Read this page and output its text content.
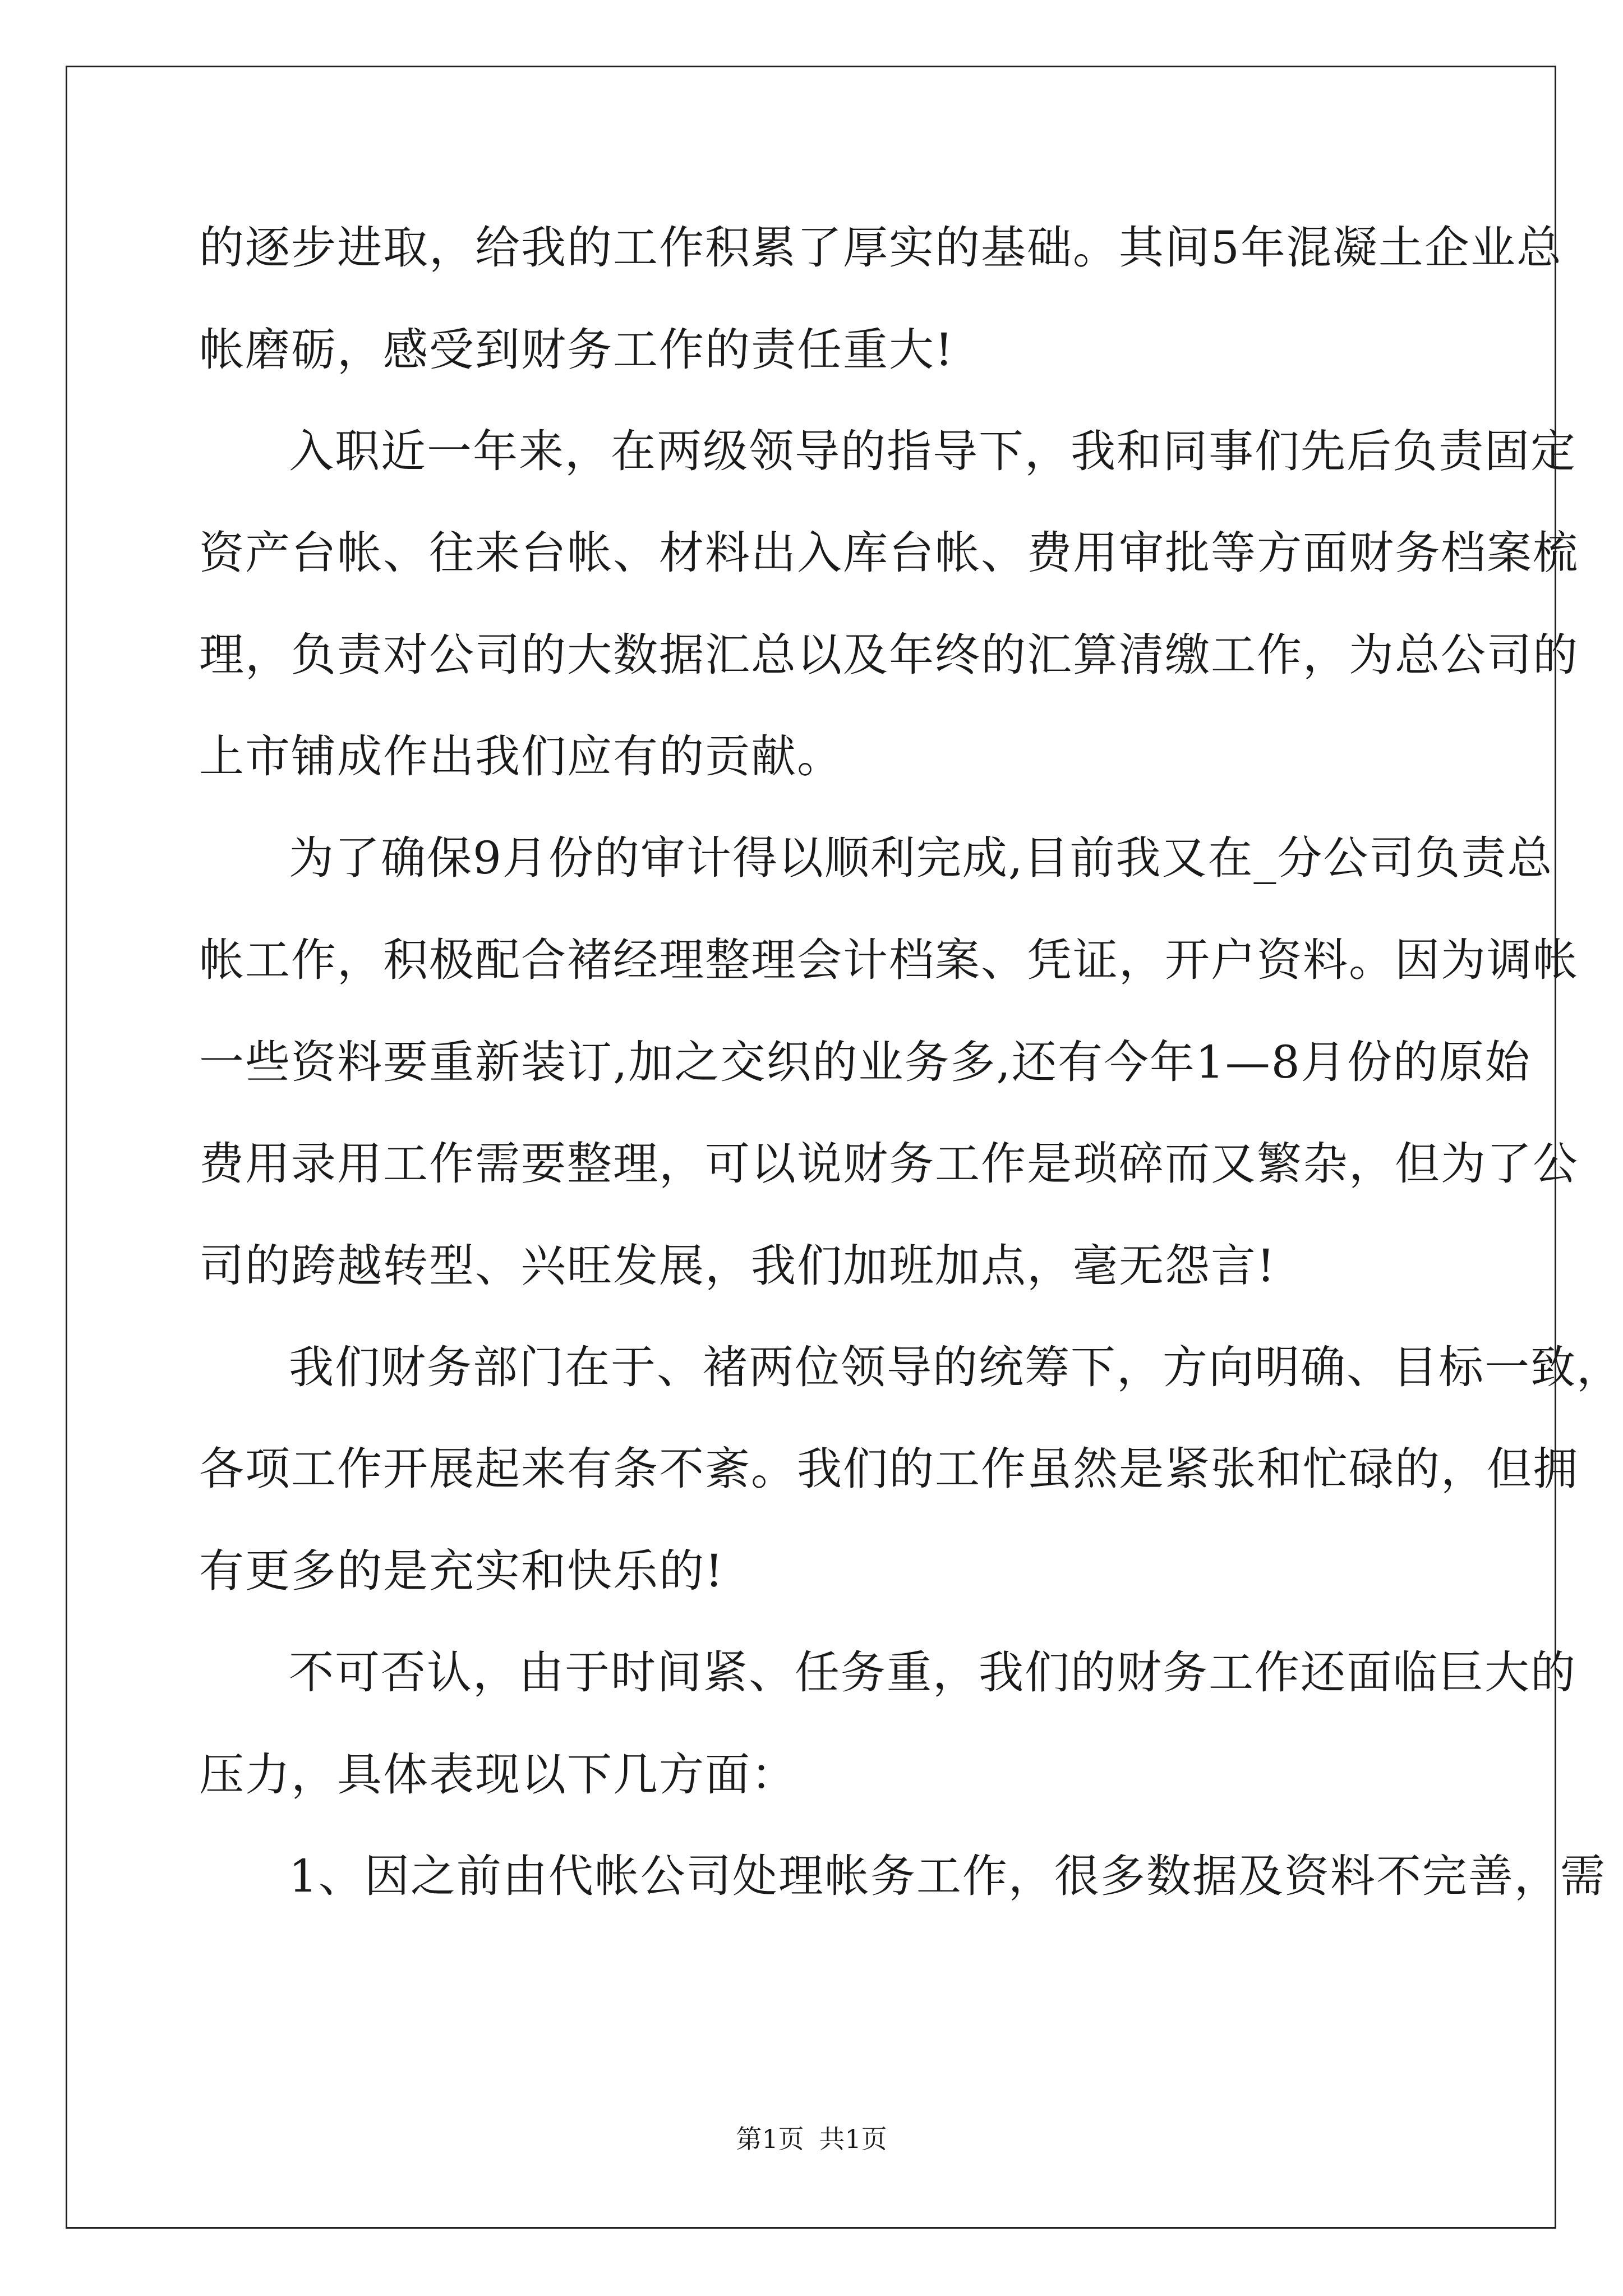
的逐步进取，给我的工作积累了厚实的基础。其间5年混凝土企业总
帐磨砺，感受到财务工作的责任重大!
入职近一年来，在两级领导的指导下，我和同事们先后负责固定
资产台帐、往来台帐、材料出入库台帐、费用审批等方面财务档案梳
理，负责对公司的大数据汇总以及年终的汇算清缴工作，为总公司的
上市铺成作出我们应有的贡献。
为了确保9月份的审计得以顺利完成,目前我又在_分公司负责总
帐工作，积极配合褚经理整理会计档案、凭证，开户资料。因为调帐
一些资料要重新装订,加之交织的业务多,还有今年1—8月份的原始
费用录用工作需要整理，可以说财务工作是琐碎而又繁杂，但为了公
司的跨越转型、兴旺发展，我们加班加点，毫无怨言!
我们财务部门在于、褚两位领导的统筹下，方向明确、目标一致，
各项工作开展起来有条不紊。我们的工作虽然是紧张和忙碌的，但拥
有更多的是充实和快乐的!
不可否认，由于时间紧、任务重，我们的财务工作还面临巨大的
压力，具体表现以下几方面：
1、因之前由代帐公司处理帐务工作，很多数据及资料不完善，需
第1页 共1页
